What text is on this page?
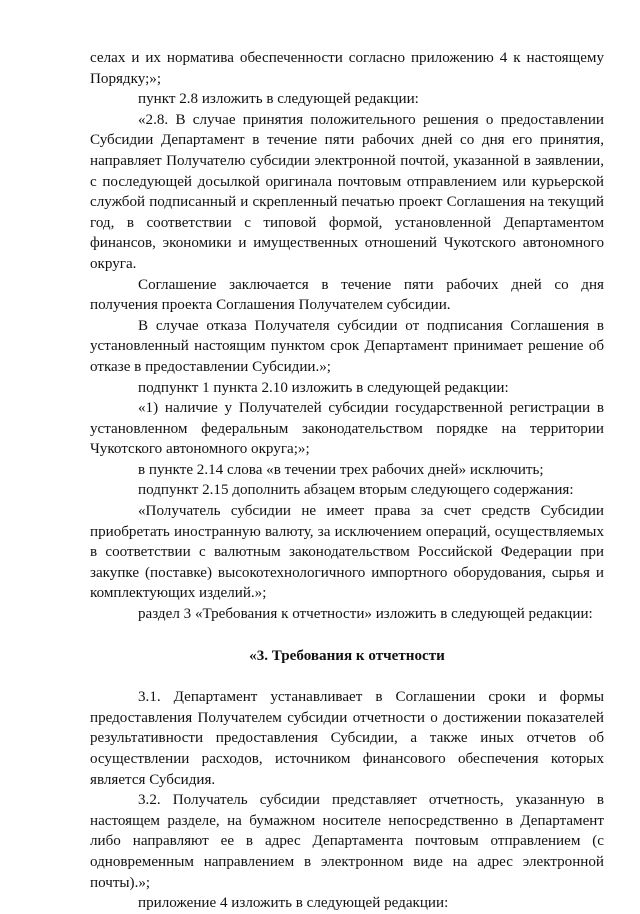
селах и их норматива обеспеченности согласно приложению 4 к настоящему Порядку;»;

пункт 2.8 изложить в следующей редакции:

«2.8. В случае принятия положительного решения о предоставлении Субсидии Департамент в течение пяти рабочих дней со дня его принятия, направляет Получателю субсидии электронной почтой, указанной в заявлении, с последующей досылкой оригинала почтовым отправлением или курьерской службой подписанный и скрепленный печатью проект Соглашения на текущий год, в соответствии с типовой формой, установленной Департаментом финансов, экономики и имущественных отношений Чукотского автономного округа.

Соглашение заключается в течение пяти рабочих дней со дня получения проекта Соглашения Получателем субсидии.

В случае отказа Получателя субсидии от подписания Соглашения в установленный настоящим пунктом срок Департамент принимает решение об отказе в предоставлении Субсидии.»;

подпункт 1 пункта 2.10 изложить в следующей редакции:

«1) наличие у Получателей субсидии государственной регистрации в установленном федеральным законодательством порядке на территории Чукотского автономного округа;»;

в пункте 2.14 слова «в течении трех рабочих дней» исключить;

подпункт 2.15 дополнить абзацем вторым следующего содержания:

«Получатель субсидии не имеет права за счет средств Субсидии приобретать иностранную валюту, за исключением операций, осуществляемых в соответствии с валютным законодательством Российской Федерации при закупке (поставке) высокотехнологичного импортного оборудования, сырья и комплектующих изделий.»;

раздел 3 «Требования к отчетности» изложить в следующей редакции:

«3. Требования к отчетности

3.1. Департамент устанавливает в Соглашении сроки и формы предоставления Получателем субсидии отчетности о достижении показателей результативности предоставления Субсидии, а также иных отчетов об осуществлении расходов, источником финансового обеспечения которых является Субсидия.

3.2. Получатель субсидии представляет отчетность, указанную в настоящем разделе, на бумажном носителе непосредственно в Департамент либо направляют ее в адрес Департамента почтовым отправлением (с одновременным направлением в электронном виде на адрес электронной почты).»;

приложение 4 изложить в следующей редакции:
